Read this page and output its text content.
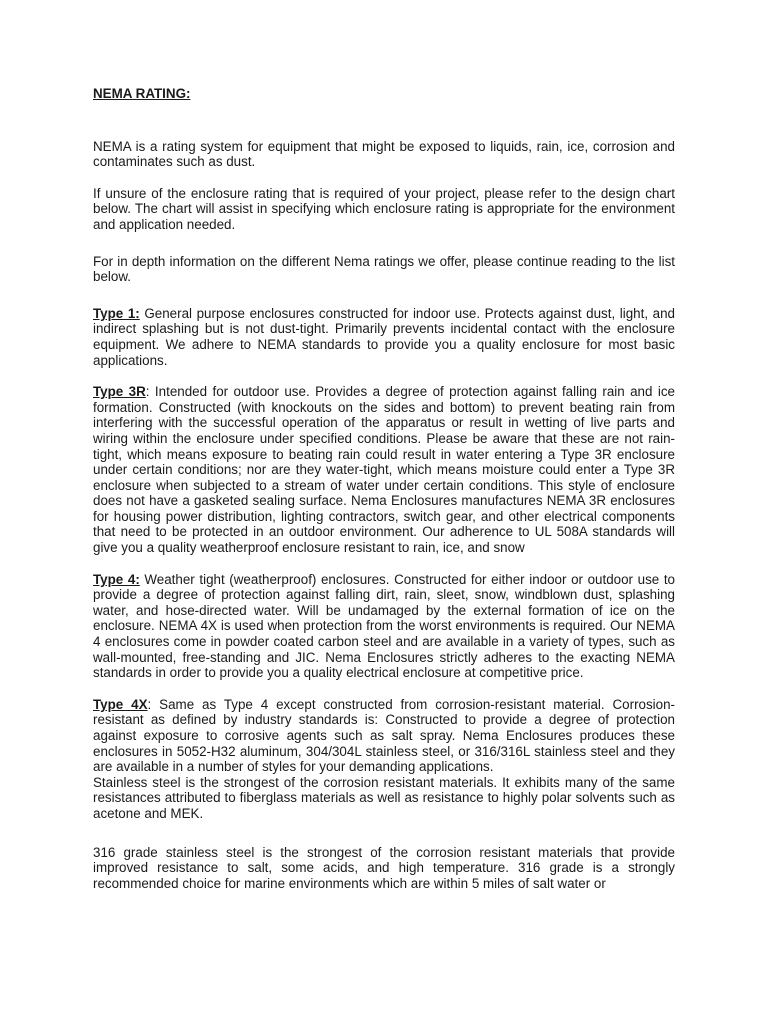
NEMA RATING:

NEMA is a rating system for equipment that might be exposed to liquids, rain, ice, corrosion and contaminates such as dust.

If unsure of the enclosure rating that is required of your project, please refer to the design chart below. The chart will assist in specifying which enclosure rating is appropriate for the environment and application needed.

For in depth information on the different Nema ratings we offer, please continue reading to the list below.

Type 1: General purpose enclosures constructed for indoor use. Protects against dust, light, and indirect splashing but is not dust-tight. Primarily prevents incidental contact with the enclosure equipment. We adhere to NEMA standards to provide you a quality enclosure for most basic applications.

Type 3R: Intended for outdoor use. Provides a degree of protection against falling rain and ice formation. Constructed (with knockouts on the sides and bottom) to prevent beating rain from interfering with the successful operation of the apparatus or result in wetting of live parts and wiring within the enclosure under specified conditions. Please be aware that these are not rain-tight, which means exposure to beating rain could result in water entering a Type 3R enclosure under certain conditions; nor are they water-tight, which means moisture could enter a Type 3R enclosure when subjected to a stream of water under certain conditions. This style of enclosure does not have a gasketed sealing surface. Nema Enclosures manufactures NEMA 3R enclosures for housing power distribution, lighting contractors, switch gear, and other electrical components that need to be protected in an outdoor environment. Our adherence to UL 508A standards will give you a quality weatherproof enclosure resistant to rain, ice, and snow

Type 4: Weather tight (weatherproof) enclosures. Constructed for either indoor or outdoor use to provide a degree of protection against falling dirt, rain, sleet, snow, windblown dust, splashing water, and hose-directed water. Will be undamaged by the external formation of ice on the enclosure. NEMA 4X is used when protection from the worst environments is required. Our NEMA 4 enclosures come in powder coated carbon steel and are available in a variety of types, such as wall-mounted, free-standing and JIC. Nema Enclosures strictly adheres to the exacting NEMA standards in order to provide you a quality electrical enclosure at competitive price.

Type 4X: Same as Type 4 except constructed from corrosion-resistant material. Corrosion-resistant as defined by industry standards is: Constructed to provide a degree of protection against exposure to corrosive agents such as salt spray. Nema Enclosures produces these enclosures in 5052-H32 aluminum, 304/304L stainless steel, or 316/316L stainless steel and they are available in a number of styles for your demanding applications.

Stainless steel is the strongest of the corrosion resistant materials. It exhibits many of the same resistances attributed to fiberglass materials as well as resistance to highly polar solvents such as acetone and MEK.

316 grade stainless steel is the strongest of the corrosion resistant materials that provide improved resistance to salt, some acids, and high temperature. 316 grade is a strongly recommended choice for marine environments which are within 5 miles of salt water or
